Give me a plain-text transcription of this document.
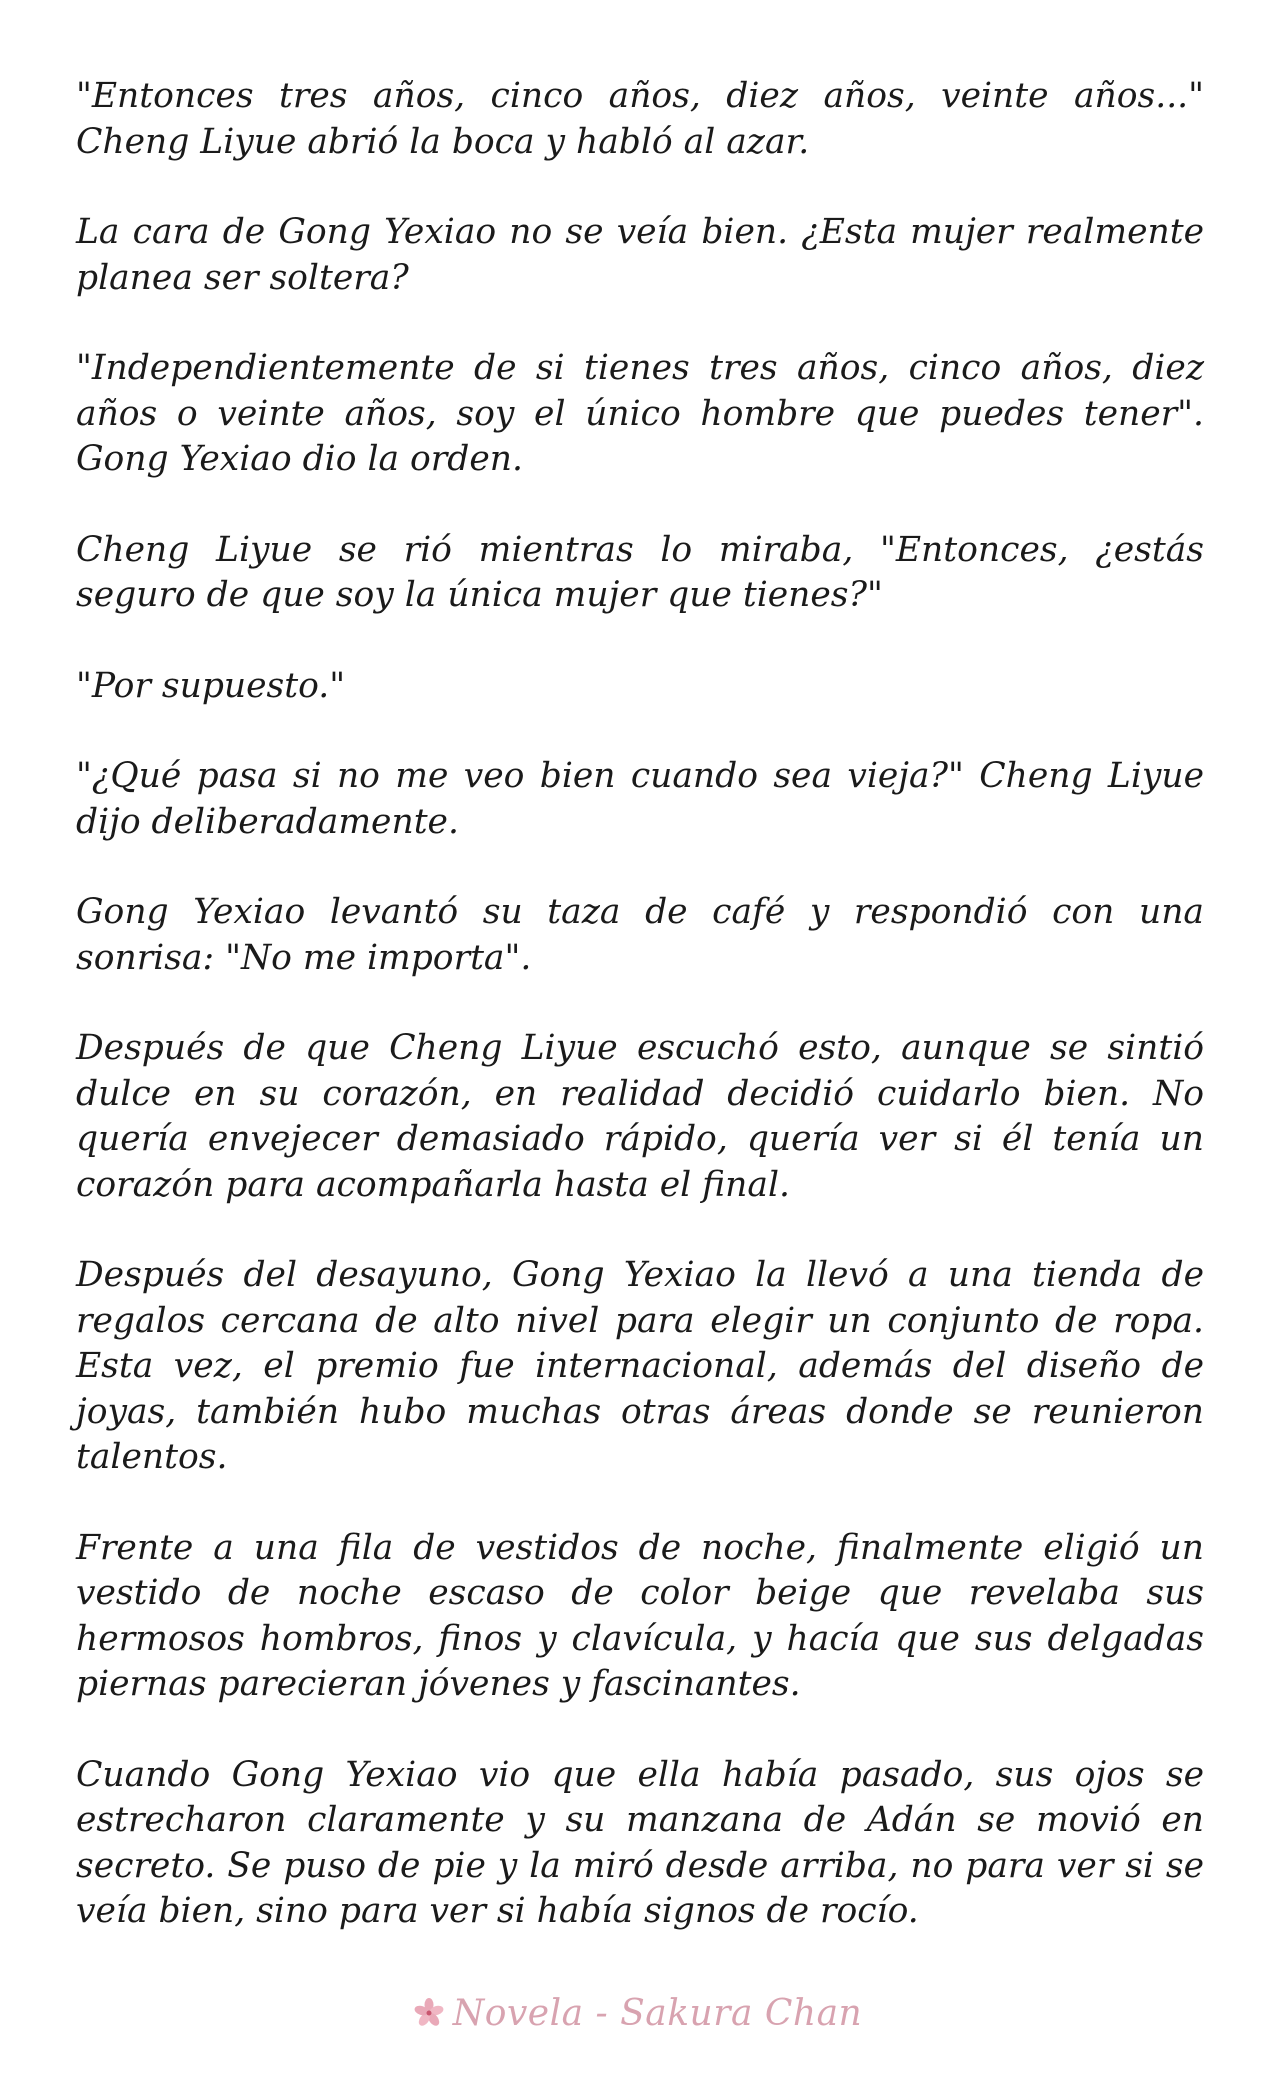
"Entonces tres años, cinco años, diez años, veinte años..." Cheng Liyue abrió la boca y habló al azar.

La cara de Gong Yexiao no se veía bien. ¿Esta mujer realmente planea ser soltera?

"Independientemente de si tienes tres años, cinco años, diez años o veinte años, soy el único hombre que puedes tener". Gong Yexiao dio la orden.

Cheng Liyue se rió mientras lo miraba, "Entonces, ¿estás seguro de que soy la única mujer que tienes?"

"Por supuesto."

"¿Qué pasa si no me veo bien cuando sea vieja?" Cheng Liyue dijo deliberadamente.

Gong Yexiao levantó su taza de café y respondió con una sonrisa: "No me importa".

Después de que Cheng Liyue escuchó esto, aunque se sintió dulce en su corazón, en realidad decidió cuidarlo bien. No quería envejecer demasiado rápido, quería ver si él tenía un corazón para acompañarla hasta el final.

Después del desayuno, Gong Yexiao la llevó a una tienda de regalos cercana de alto nivel para elegir un conjunto de ropa. Esta vez, el premio fue internacional, además del diseño de joyas, también hubo muchas otras áreas donde se reunieron talentos.

Frente a una fila de vestidos de noche, finalmente eligió un vestido de noche escaso de color beige que revelaba sus hermosos hombros, finos y clavícula, y hacía que sus delgadas piernas parecieran jóvenes y fascinantes.

Cuando Gong Yexiao vio que ella había pasado, sus ojos se estrecharon claramente y su manzana de Adán se movió en secreto. Se puso de pie y la miró desde arriba, no para ver si se veía bien, sino para ver si había signos de rocío.

Novela - Sakura Chan
